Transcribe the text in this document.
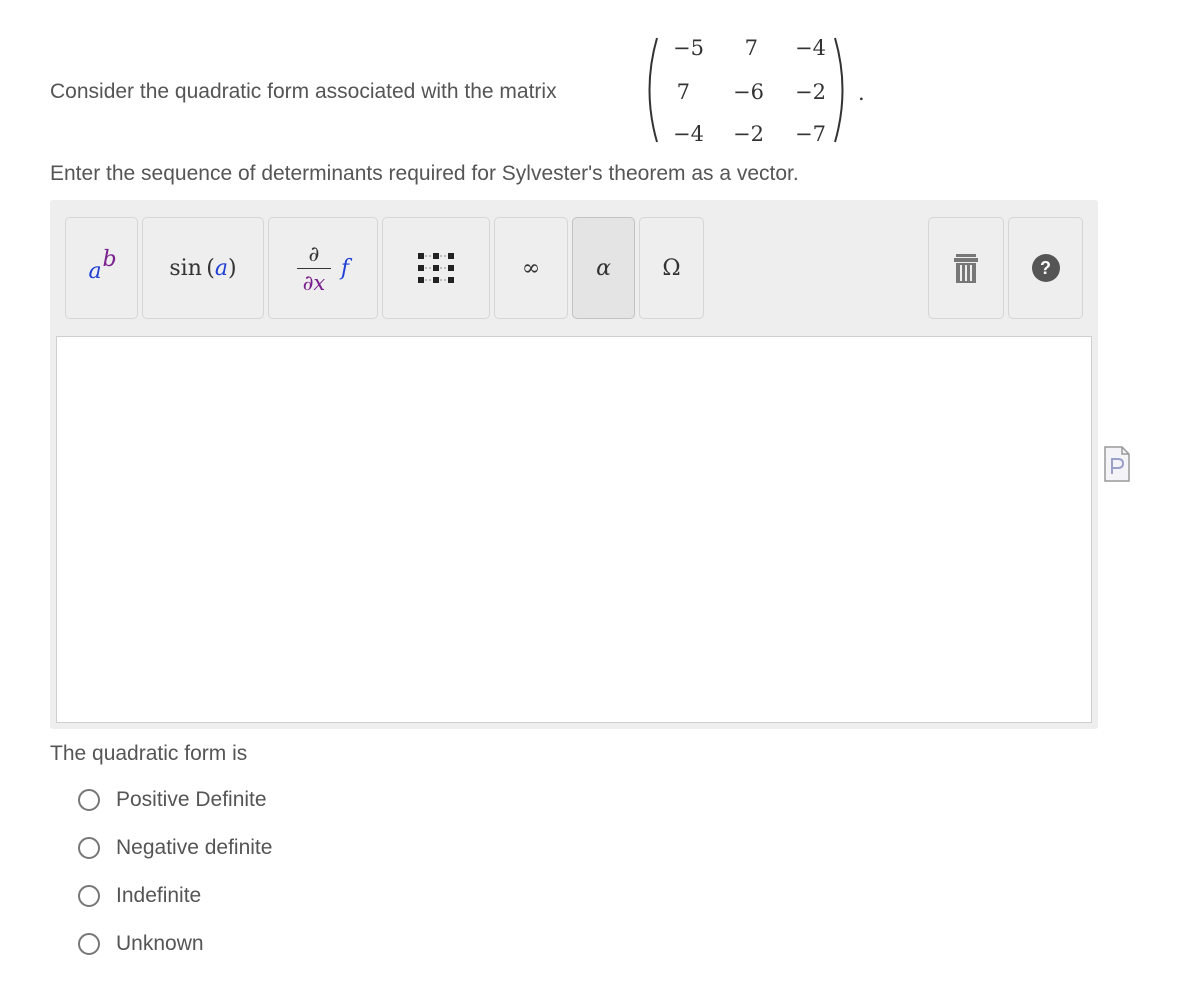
Consider the quadratic form associated with the matrix
−5	7	−4
7	−6	−2
−4	−2	−7
.
Enter the sequence of determinants required for Sylvester's theorem as a vector.
a b sin  (a)
∂
∂x
f	∞	α Ω	?
The quadratic form is
Positive Definite
Negative definite
Indefinite
Unknown
